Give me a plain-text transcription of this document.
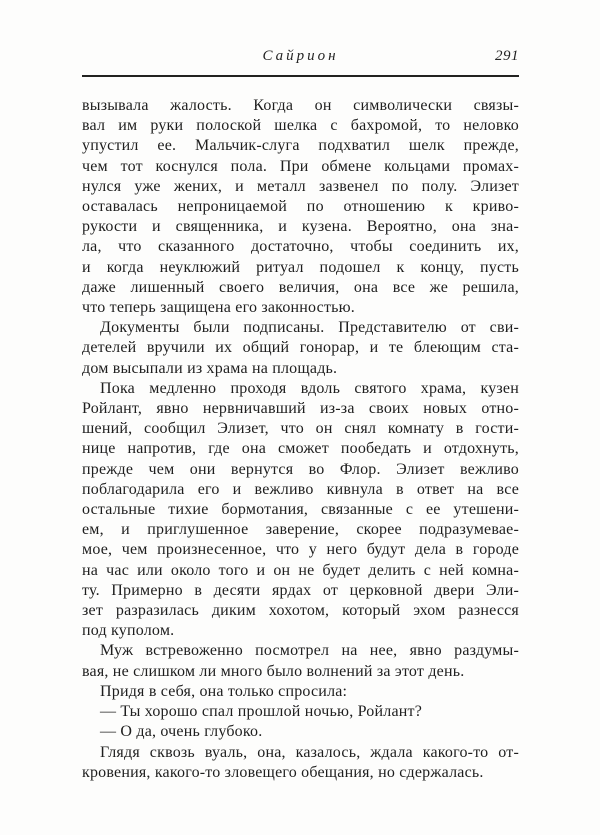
Сайрион	291
вызывала жалость. Когда он символически связы-
вал им руки полоской шелка с бахромой, то неловко
упустил ее. Мальчик-слуга подхватил шелк прежде,
чем тот коснулся пола. При обмене кольцами промах-
нулся уже жених, и металл зазвенел по полу. Элизет
оставалась непроницаемой по отношению к криво-
рукости и священника, и кузена. Вероятно, она зна-
ла, что сказанного достаточно, чтобы соединить их,
и когда неуклюжий ритуал подошел к концу, пусть
даже лишенный своего величия, она все же решила,
что теперь защищена его законностью.
Документы были подписаны. Представителю от сви-
детелей вручили их общий гонорар, и те блеющим ста-
дом высыпали из храма на площадь.
Пока медленно проходя вдоль святого храма, кузен
Ройлант, явно нервничавший из-за своих новых отно-
шений, сообщил Элизет, что он снял комнату в гости-
нице напротив, где она сможет пообедать и отдохнуть,
прежде чем они вернутся во Флор. Элизет вежливо
поблагодарила его и вежливо кивнула в ответ на все
остальные тихие бормотания, связанные с ее утешени-
ем, и приглушенное заверение, скорее подразумевае-
мое, чем произнесенное, что у него будут дела в городе
на час или около того и он не будет делить с ней комна-
ту. Примерно в десяти ярдах от церковной двери Эли-
зет разразилась диким хохотом, который эхом разнесся
под куполом.
Муж встревоженно посмотрел на нее, явно раздумы-
вая, не слишком ли много было волнений за этот день.
Придя в себя, она только спросила:
— Ты хорошо спал прошлой ночью, Ройлант?
— О да, очень глубоко.
Глядя сквозь вуаль, она, казалось, ждала какого-то от-
кровения, какого-то зловещего обещания, но сдержалась.
